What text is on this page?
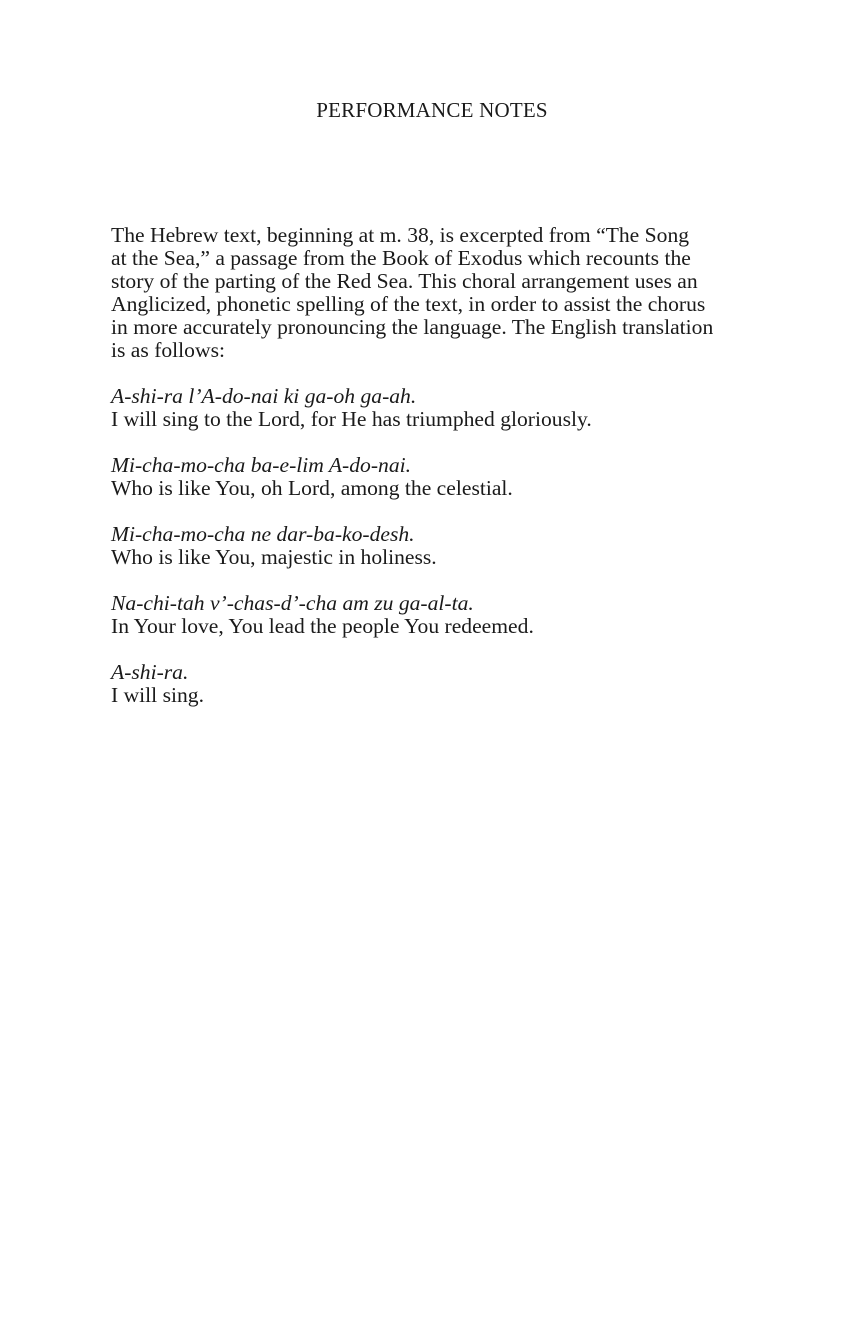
PERFORMANCE NOTES
The Hebrew text, beginning at m. 38, is excerpted from “The Song
at the Sea,” a passage from the Book of Exodus which recounts the
story of the parting of the Red Sea. This choral arrangement uses an
Anglicized, phonetic spelling of the text, in order to assist the chorus
in more accurately pronouncing the language. The English translation
is as follows:
A-shi-ra l’A-do-nai ki ga-oh ga-ah.
I will sing to the Lord, for He has triumphed gloriously.
Mi-cha-mo-cha ba-e-lim A-do-nai.
Who is like You, oh Lord, among the celestial.
Mi-cha-mo-cha ne dar-ba-ko-desh.
Who is like You, majestic in holiness.
Na-chi-tah v’-chas-d’-cha am zu ga-al-ta.
In Your love, You lead the people You redeemed.
A-shi-ra.
I will sing.
